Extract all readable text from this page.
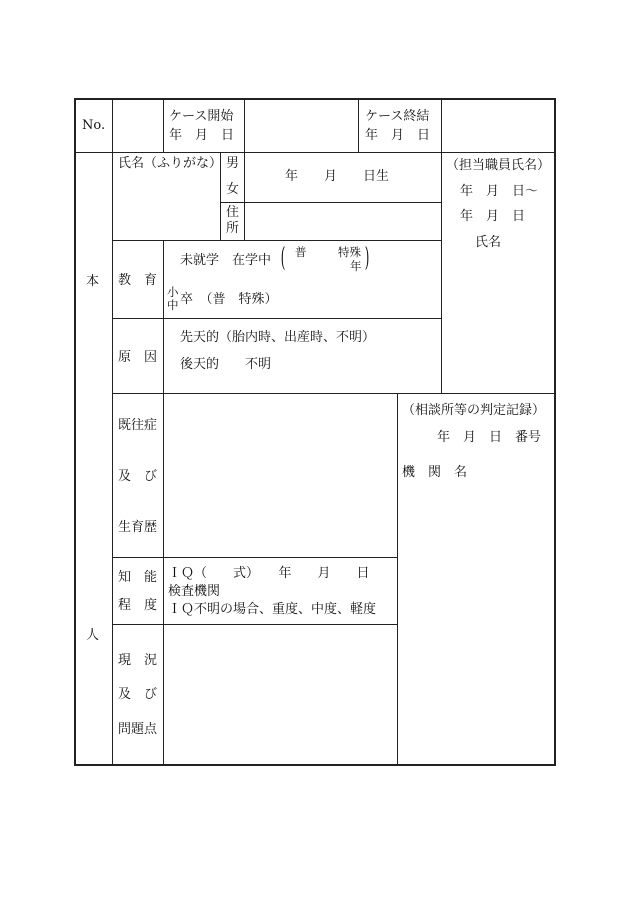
No.
ケース開始
年　月　日
ケース終結
年　月　日
本
人
氏名（ふりがな） 男
女
年　　月　　日生
住
所
（担当職員氏名）
年　月　日～
年　月　日
氏名
教　育
未就学　在学中 ( 普	特殊
年 )
小
中 卒　（普　特殊）
原　因
先天的（胎内時、出産時、不明）
後天的　　不明
既往症
及　び
生育歴
（相談所等の判定記録）
年　月　日　番号
機　関　名
知　能
程　度
ＩＱ（　　式）　　年　　月　　日
検査機関
ＩＱ不明の場合、重度、中度、軽度
現　況
及　び
問題点
